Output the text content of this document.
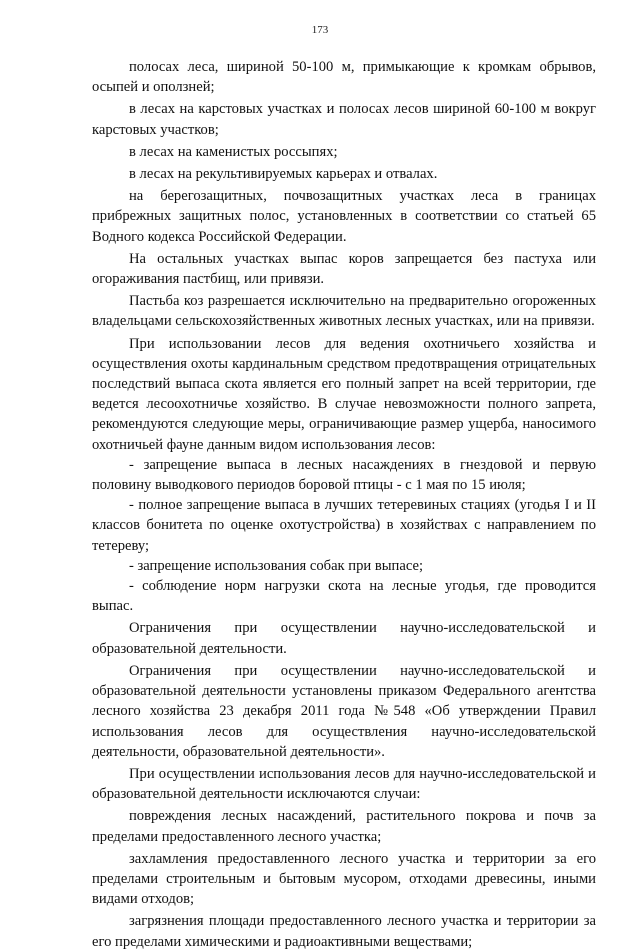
173

полосах леса, шириной 50-100 м, примыкающие к кромкам обрывов, осыпей и оползней;

в лесах на карстовых участках и полосах лесов шириной 60-100 м вокруг карстовых участков;

в лесах на каменистых россыпях;

в лесах на рекультивируемых карьерах и отвалах.

на берегозащитных, почвозащитных участках леса в границах прибрежных защитных полос, установленных в соответствии со статьей 65 Водного кодекса Российской Федерации.

На остальных участках выпас коров запрещается без пастуха или огораживания пастбищ, или привязи.

Пастьба коз разрешается исключительно на предварительно огороженных владельцами сельскохозяйственных животных лесных участках, или на привязи.

При использовании лесов для ведения охотничьего хозяйства и осуществления охоты кардинальным средством предотвращения отрицательных последствий выпаса скота является его полный запрет на всей территории, где ведется лесоохотничье хозяйство. В случае невозможности полного запрета, рекомендуются следующие меры, ограничивающие размер ущерба, наносимого охотничьей фауне данным видом использования лесов:

- запрещение выпаса в лесных насаждениях в гнездовой и первую половину выводкового периодов боровой птицы - с 1 мая по 15 июля;

- полное запрещение выпаса в лучших тетеревиных стациях (угодья I и II классов бонитета по оценке охотустройства) в хозяйствах с направлением по тетереву;

- запрещение использования собак при выпасе;

- соблюдение норм нагрузки скота на лесные угодья, где проводится выпас.

Ограничения при осуществлении научно-исследовательской и образовательной деятельности.

Ограничения при осуществлении научно-исследовательской и образовательной деятельности установлены приказом Федерального агентства лесного хозяйства 23 декабря 2011 года №548 «Об утверждении Правил использования лесов для осуществления научно-исследовательской деятельности, образовательной деятельности».

При осуществлении использования лесов для научно-исследовательской и образовательной деятельности исключаются случаи:

повреждения лесных насаждений, растительного покрова и почв за пределами предоставленного лесного участка;

захламления предоставленного лесного участка и территории за его пределами строительным и бытовым мусором, отходами древесины, иными видами отходов;

загрязнения площади предоставленного лесного участка и территории за его пределами химическими и радиоактивными веществами;
